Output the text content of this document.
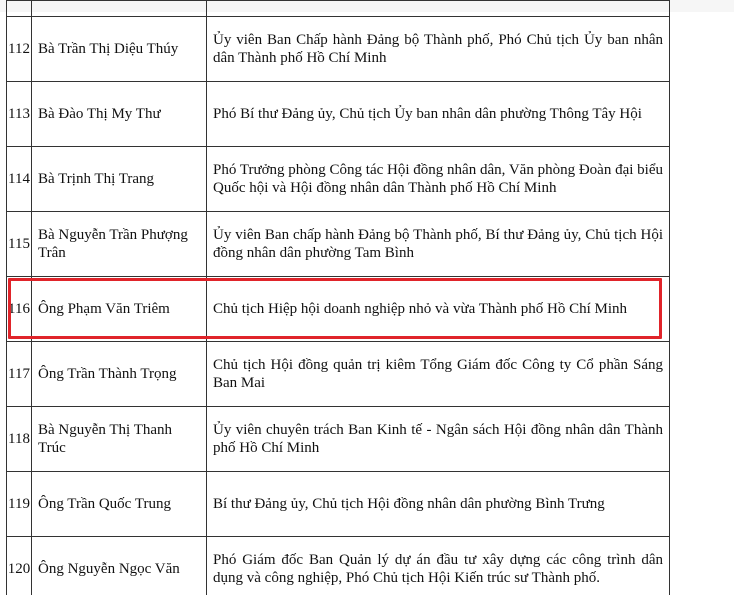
112	Bà Trần Thị Diệu Thúy	Ủy viên Ban Chấp hành Đảng bộ Thành phố, Phó Chủ tịch Ủy ban nhân dân Thành phố Hồ Chí Minh
113	Bà Đào Thị My Thư	Phó Bí thư Đảng ủy, Chủ tịch Ủy ban nhân dân phường Thông Tây Hội
114	Bà Trịnh Thị Trang	Phó Trưởng phòng Công tác Hội đồng nhân dân, Văn phòng Đoàn đại biểu Quốc hội và Hội đồng nhân dân Thành phố Hồ Chí Minh
115	Bà Nguyễn Trần Phượng Trân	Ủy viên Ban chấp hành Đảng bộ Thành phố, Bí thư Đảng ủy, Chủ tịch Hội đồng nhân dân phường Tam Bình
116	Ông Phạm Văn Triêm	Chủ tịch Hiệp hội doanh nghiệp nhỏ và vừa Thành phố Hồ Chí Minh
117	Ông Trần Thành Trọng	Chủ tịch Hội đồng quản trị kiêm Tổng Giám đốc Công ty Cổ phần Sáng Ban Mai
118	Bà Nguyễn Thị Thanh Trúc	Ủy viên chuyên trách Ban Kinh tế - Ngân sách Hội đồng nhân dân Thành phố Hồ Chí Minh
119	Ông Trần Quốc Trung	Bí thư Đảng ủy, Chủ tịch Hội đồng nhân dân phường Bình Trưng
120	Ông Nguyễn Ngọc Văn	Phó Giám đốc Ban Quản lý dự án đầu tư xây dựng các công trình dân dụng và công nghiệp, Phó Chủ tịch Hội Kiến trúc sư Thành phố.
